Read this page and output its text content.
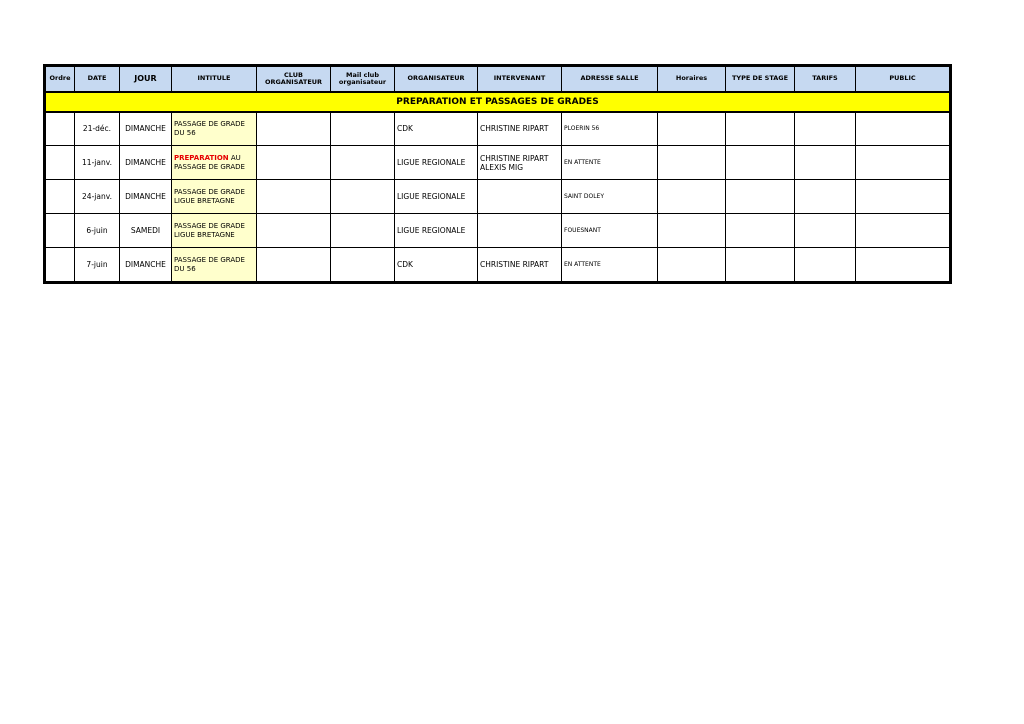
Ordre	DATE	JOUR	INTITULE	CLUB
ORGANISATEUR	Mail club
organisateur	ORGANISATEUR	INTERVENANT	ADRESSE SALLE	Horaires	TYPE DE STAGE	TARIFS	PUBLIC
PREPARATION ET PASSAGES DE GRADES												
	21-déc.	DIMANCHE	PASSAGE DE GRADE
DU 56			CDK	CHRISTINE RIPART	PLOERIN 56				
	11-janv.	DIMANCHE	PREPARATION AU
PASSAGE DE GRADE			LIGUE REGIONALE	CHRISTINE RIPART
ALEXIS MIG	EN ATTENTE				
	24-janv.	DIMANCHE	PASSAGE DE GRADE
LIGUE BRETAGNE			LIGUE REGIONALE		SAINT DOLEY				
	6-juin	SAMEDI	PASSAGE DE GRADE
LIGUE BRETAGNE			LIGUE REGIONALE		FOUESNANT				
	7-juin	DIMANCHE	PASSAGE DE GRADE
DU 56			CDK	CHRISTINE RIPART	EN ATTENTE				
